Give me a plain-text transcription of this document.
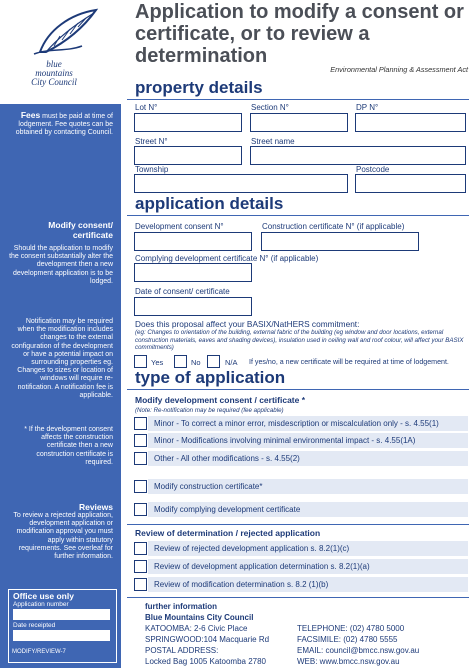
blue
mountains
City Council
Fees must be paid at time of lodgement. Fee quotes can be obtained by contacting Council.
Modify consent/ certificate
Should the application to modify the consent substantially alter the development then a new development application is to be lodged.
Notification may be required when the modification includes changes to the external configuration of the development or have a potential impact on surrounding properties eg. Changes to sizes or location of windows will require re-notification. A notification fee is applicable.
* If the development consent affects the construction certificate then a new construction certificate is required.
Reviews
To review a rejected application, development application or modification approval you must apply within statutory requirements. See overleaf for further information.
Office use only
Application number
Date receipted
MODIFY/REVIEW-7
Application to modify a consent or certificate, or to review a determination
Environmental Planning & Assessment Act
property details
Lot N°	Section N°	DP N°
Street N°	Street name
Township	Postcode
application details
Development consent N°	Construction certificate N° (if applicable)
Complying development certificate N° (if applicable)
Date of consent/ certificate
Does this proposal affect your BASIX/NatHERS commitment:
(eg: Changes to orientation of the building, external fabric of the building (eg window and door locations, external construction materials, eaves and shading devices), insulation used in ceiling wall and roof colour, will affect your BASIX commitments)
Yes	No	N/A If yes/no, a new certificate will be required at time of lodgement.
type of application
Modify development consent / certificate *
(Note: Re-notification may be required (fee applicable)
Minor - To correct a minor error, misdescription or miscalculation only - s. 4.55(1)
Minor - Modifications involving minimal environmental impact - s. 4.55(1A)
Other - All other modifications - s. 4.55(2)
Modify construction certificate*
Modify complying development certificate
Review of determination / rejected application
Review of rejected development application s. 8.2(1)(c)
Review of development application determination s. 8.2(1)(a)
Review of modification determination s. 8.2 (1)(b)
further information
Blue Mountains City Council
KATOOMBA: 2-6 Civic Place
SPRINGWOOD:104 Macquarie Rd
POSTAL ADDRESS:
Locked Bag 1005 Katoomba 2780
TELEPHONE: (02) 4780 5000
FACSIMILE: (02) 4780 5555
EMAIL: council@bmcc.nsw.gov.au
WEB: www.bmcc.nsw.gov.au
